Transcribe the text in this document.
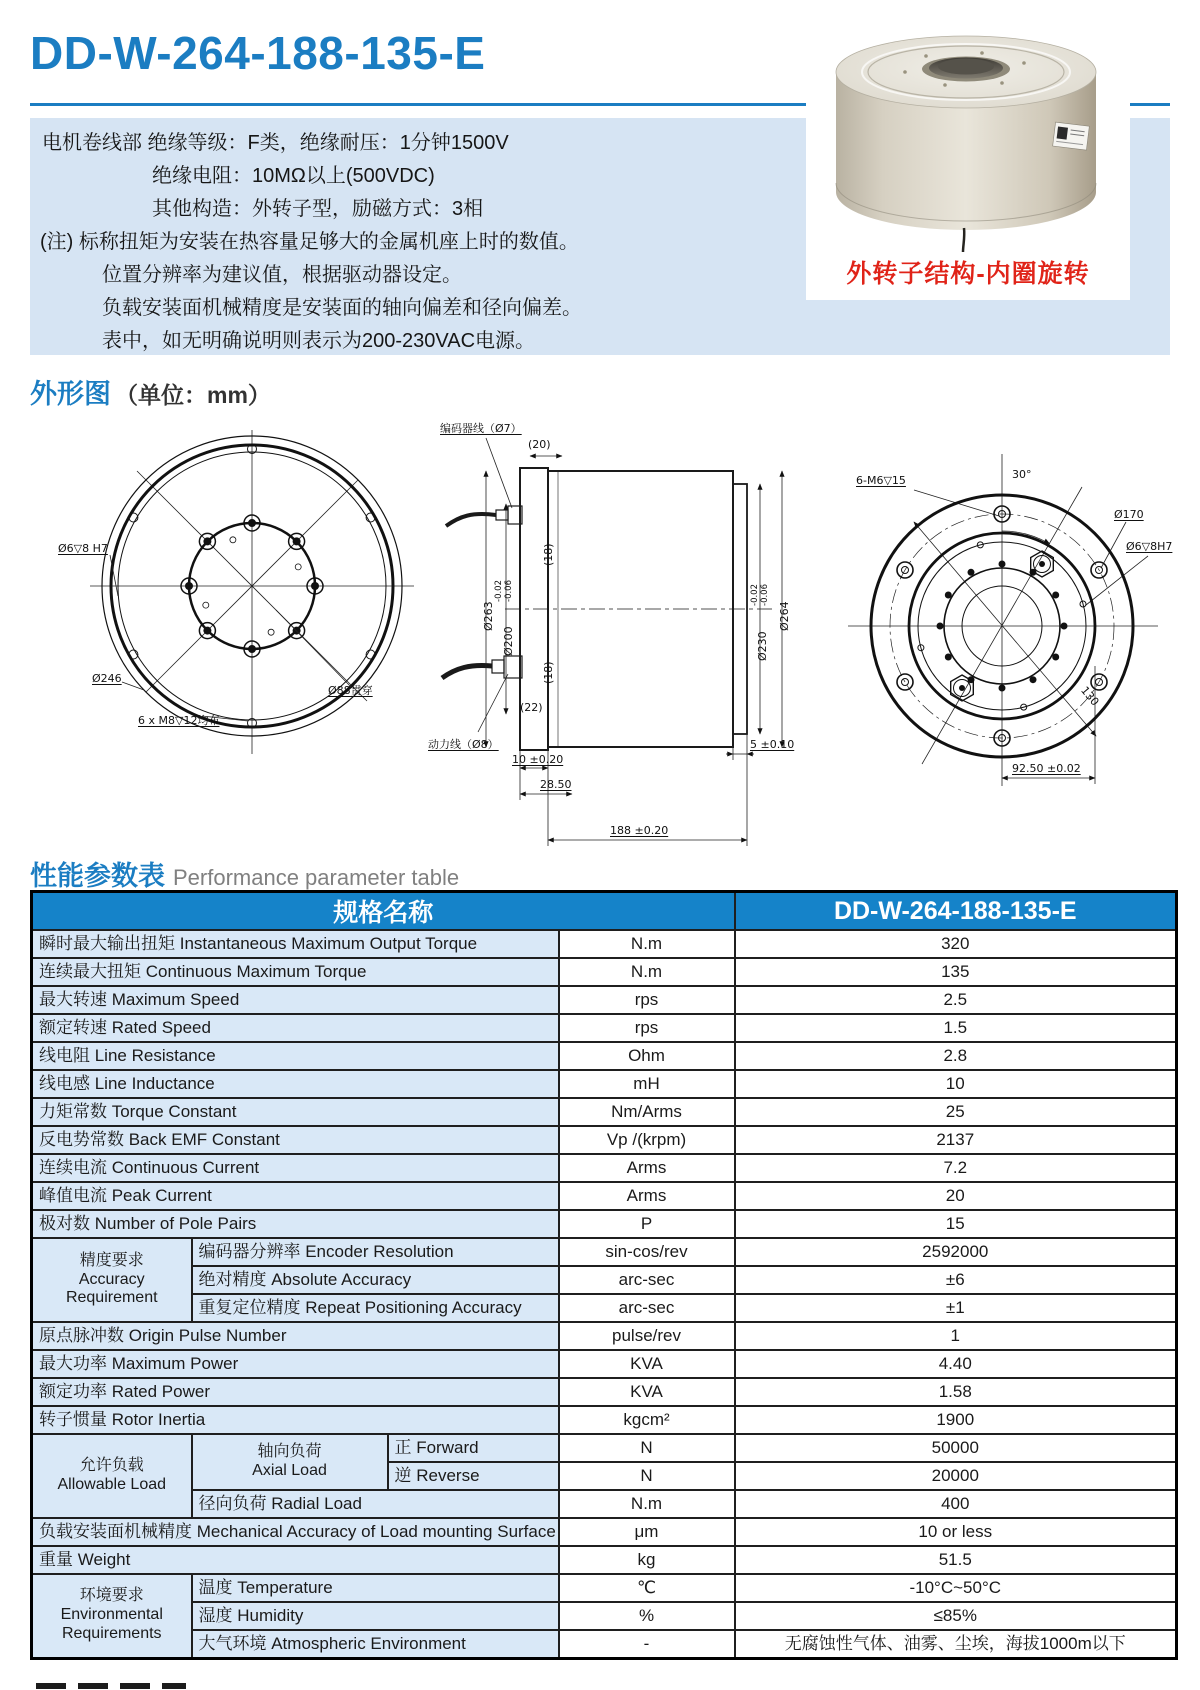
DD-W-264-188-135-E
电机卷线部 绝缘等级：F类，绝缘耐压：1分钟1500V
绝缘电阻：10MΩ以上(500VDC)
其他构造：外转子型，励磁方式：3相
(注) 标称扭矩为安装在热容量足够大的金属机座上时的数值。
位置分辨率为建议值，根据驱动器设定。
负载安装面机械精度是安装面的轴向偏差和径向偏差。
表中，如无明确说明则表示为200-230VAC电源。
外转子结构-内圈旋转
外形图 （单位：mm）
Ø6▽8 H7
Ø246
Ø88贯穿
6 x M8▽12均布
编码器线（Ø7）
(20)
(18)
(18)
Ø263
Ø200
-0.02 -0.06
(22)
动力线（Ø8）
10 ±0.20
28.50
188 ±0.20
5 ±0.10
Ø230
-0.02 -0.06
Ø264
6-M6▽15	30°
Ø170
Ø6▽8H7
130
92.50 ±0.02
性能参数表 Performance parameter table
规格名称				DD-W-264-188-135-E
瞬时最大输出扭矩 Instantaneous Maximum Output Torque			N.m	320
连续最大扭矩 Continuous Maximum Torque			N.m	135
最大转速 Maximum Speed			rps	2.5
额定转速 Rated Speed			rps	1.5
线电阻 Line Resistance			Ohm	2.8
线电感 Line Inductance			mH	10
力矩常数 Torque Constant			Nm/Arms	25
反电势常数 Back EMF Constant			Vp /(krpm)	2137
连续电流 Continuous Current			Arms	7.2
峰值电流 Peak Current			Arms	20
极对数 Number of Pole Pairs			P	15

精度要求
Accuracy
Requirement	编码器分辨率 Encoder Resolution		sin-cos/rev	2592000
	绝对精度 Absolute Accuracy		arc-sec	±6
	重复定位精度 Repeat Positioning Accuracy		arc-sec	±1
原点脉冲数 Origin Pulse Number			pulse/rev	1
最大功率 Maximum Power			KVA	4.40
额定功率 Rated Power			KVA	1.58
转子惯量 Rotor Inertia			kgcm²	1900

允许负载
Allowable Load	轴向负荷
Axial Load	正 Forward	N	50000
		逆 Reverse	N	20000
	径向负荷 Radial Load		N.m	400
负载安装面机械精度 Mechanical Accuracy of Load mounting Surface			μm	10 or less
重量 Weight			kg	51.5

环境要求
Environmental
Requirements	温度 Temperature		℃	-10°C~50°C
	湿度 Humidity		%	≤85%
	大气环境 Atmospheric Environment		-	无腐蚀性气体、油雾、尘埃，海拔1000m以下
